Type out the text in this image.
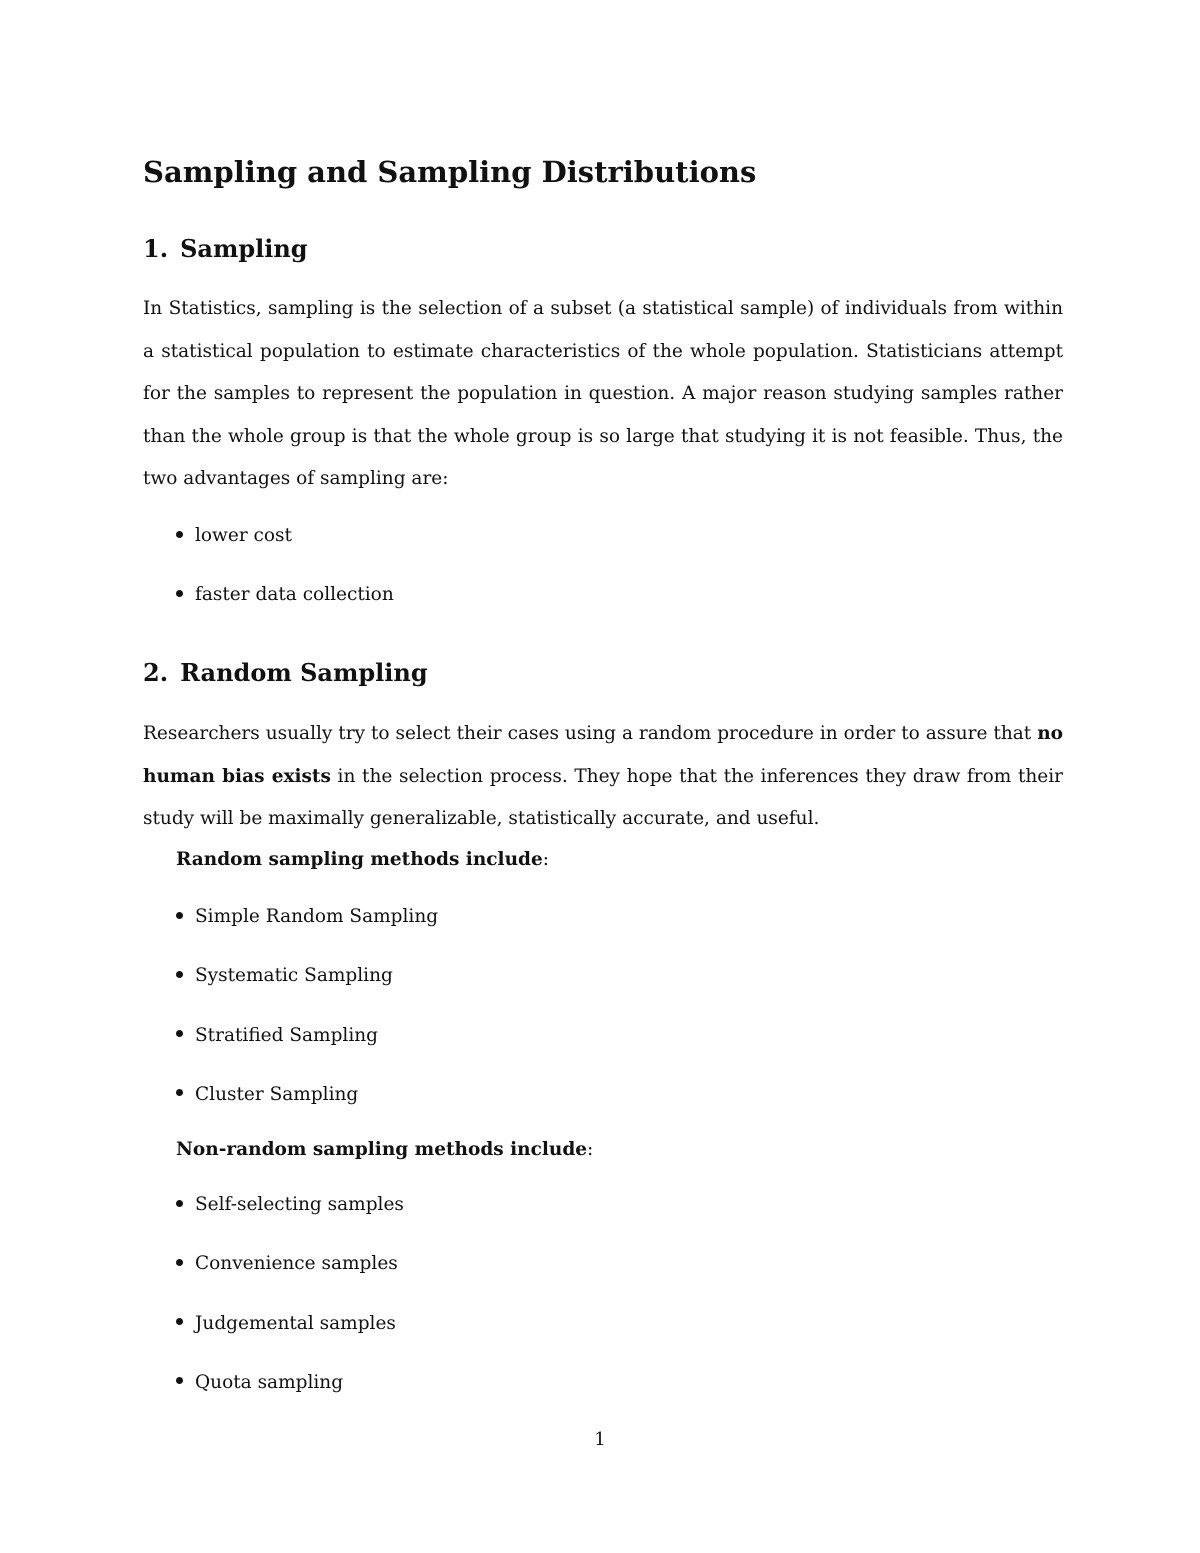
Sampling and Sampling Distributions
1. Sampling

In Statistics, sampling is the selection of a subset (a statistical sample) of individuals from within a statistical population to estimate characteristics of the whole population. Statisticians attempt for the samples to represent the population in question. A major reason studying samples rather than the whole group is that the whole group is so large that studying it is not feasible. Thus, the two advantages of sampling are:

lower cost
faster data collection
2. Random Sampling

Researchers usually try to select their cases using a random procedure in order to assure that no human bias exists in the selection process. They hope that the inferences they draw from their study will be maximally generalizable, statistically accurate, and useful.

Random sampling methods include:

Simple Random Sampling
Systematic Sampling
Stratified Sampling
Cluster Sampling

Non-random sampling methods include:

Self-selecting samples
Convenience samples
Judgemental samples
Quota sampling

1
